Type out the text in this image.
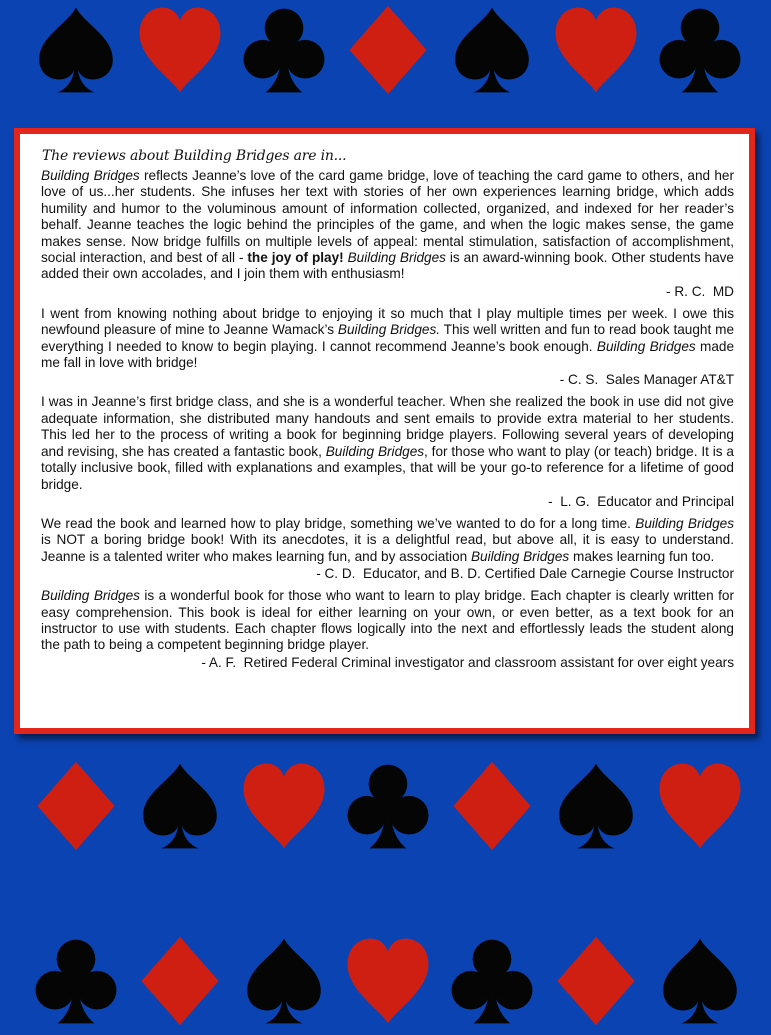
The reviews about Building Bridges are in...

Building Bridges reflects Jeanne’s love of the card game bridge, love of teaching the card game to others, and her love of us...her students. She infuses her text with stories of her own experiences learning bridge, which adds humility and humor to the voluminous amount of information collected, organized, and indexed for her reader’s behalf. Jeanne teaches the logic behind the principles of the game, and when the logic makes sense, the game makes sense. Now bridge fulfills on multiple levels of appeal: mental stimulation, satisfaction of accomplishment, social interaction, and best of all - the joy of play! Building Bridges is an award-winning book. Other students have added their own accolades, and I join them with enthusiasm!

- R. C.  MD

I went from knowing nothing about bridge to enjoying it so much that I play multiple times per week. I owe this newfound pleasure of mine to Jeanne Wamack’s Building Bridges. This well written and fun to read book taught me everything I needed to know to begin playing. I cannot recommend Jeanne’s book enough. Building Bridges made me fall in love with bridge!

- C. S.  Sales Manager AT&T

I was in Jeanne’s first bridge class, and she is a wonderful teacher. When she realized the book in use did not give adequate information, she distributed many handouts and sent emails to provide extra material to her students. This led her to the process of writing a book for beginning bridge players. Following several years of developing and revising, she has created a fantastic book, Building Bridges, for those who want to play (or teach) bridge. It is a totally inclusive book, filled with explanations and examples, that will be your go-to reference for a lifetime of good bridge.

-  L. G.  Educator and Principal

We read the book and learned how to play bridge, something we’ve wanted to do for a long time. Building Bridges is NOT a boring bridge book! With its anecdotes, it is a delightful read, but above all, it is easy to understand. Jeanne is a talented writer who makes learning fun, and by association Building Bridges makes learning fun too.

- C. D.  Educator, and B. D. Certified Dale Carnegie Course Instructor

Building Bridges is a wonderful book for those who want to learn to play bridge. Each chapter is clearly written for easy comprehension. This book is ideal for either learning on your own, or even better, as a text book for an instructor to use with students. Each chapter flows logically into the next and effortlessly leads the student along the path to being a competent beginning bridge player.

- A. F.  Retired Federal Criminal investigator and classroom assistant for over eight years
